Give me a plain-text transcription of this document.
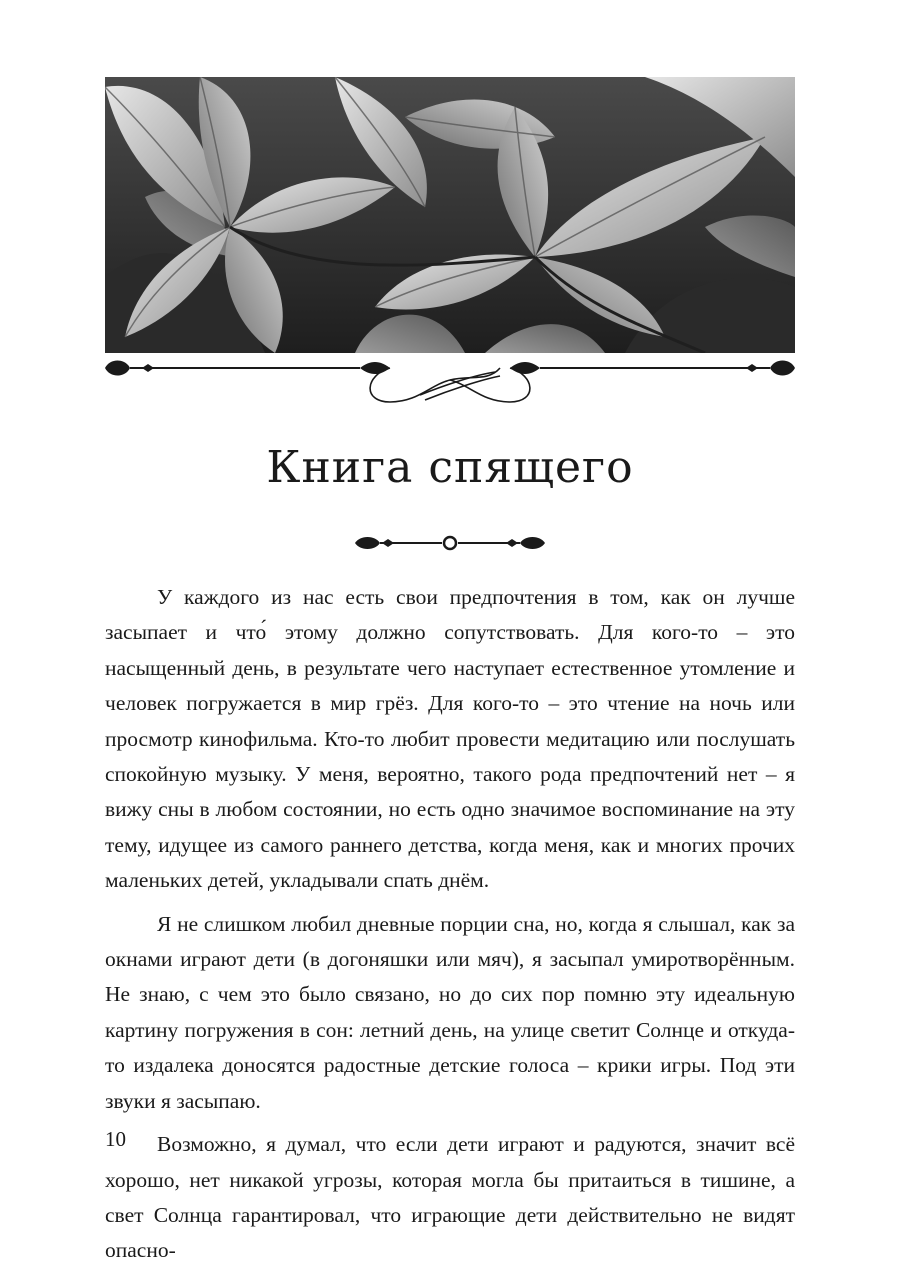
Книга спящего

У каждого из нас есть свои предпочтения в том, как он лучше засыпает и что́ этому должно сопутствовать. Для кого-то – это насыщенный день, в результате чего наступает естественное утомление и человек погружается в мир грёз. Для кого-то – это чтение на ночь или просмотр кинофильма. Кто-то любит провести медитацию или послушать спокойную музыку. У меня, вероятно, такого рода предпочтений нет – я вижу сны в любом состоянии, но есть одно значимое воспоминание на эту тему, идущее из самого раннего детства, когда меня, как и многих прочих маленьких детей, укладывали спать днём.

Я не слишком любил дневные порции сна, но, когда я слышал, как за окнами играют дети (в догоняшки или мяч), я засыпал умиротворённым. Не знаю, с чем это было связано, но до сих пор помню эту идеальную картину погружения в сон: летний день, на улице светит Солнце и откуда-то издалека доносятся радостные детские голоса – крики игры. Под эти звуки я засыпаю.

Возможно, я думал, что если дети играют и радуются, значит всё хорошо, нет никакой угрозы, которая могла бы притаиться в тишине, а свет Солнца гарантировал, что играющие дети действительно не видят опасно-

10
